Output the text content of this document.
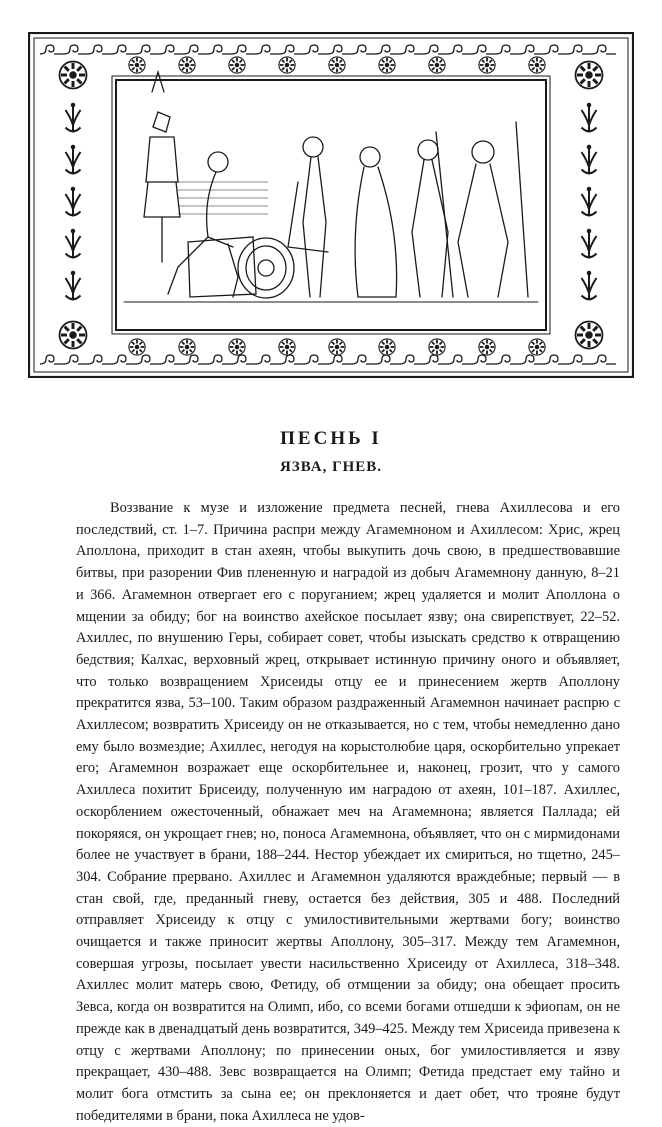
ПЕСНЬ I
ЯЗВА, ГНЕВ.

Воззвание к музе и изложение предмета песней, гнева Ахиллесова и его последствий, ст. 1–7. Причина распри между Агамемноном и Ахиллесом: Хрис, жрец Аполлона, приходит в стан ахеян, чтобы выкупить дочь свою, в предшествовавшие битвы, при разорении Фив плененную и наградой из добыч Агамемнону данную, 8–21 и 366. Агамемнон отвергает его с поруганием; жрец удаляется и молит Аполлона о мщении за обиду; бог на воинство ахейское посылает язву; она свирепствует, 22–52. Ахиллес, по внушению Геры, собирает совет, чтобы изыскать средство к отвращению бедствия; Калхас, верховный жрец, открывает истинную причину оного и объявляет, что только возвращением Хрисеиды отцу ее и принесением жертв Аполлону прекратится язва, 53–100. Таким образом раздраженный Агамемнон начинает распрю с Ахиллесом; возвратить Хрисеиду он не отказывается, но с тем, чтобы немедленно дано ему было возмездие; Ахиллес, негодуя на корыстолюбие царя, оскорбительно упрекает его; Агамемнон возражает еще оскорбительнее и, наконец, грозит, что у самого Ахиллеса похитит Брисеиду, полученную им наградою от ахеян, 101–187. Ахиллес, оскорблением ожесточенный, обнажает меч на Агамемнона; является Паллада; ей покоряяся, он укрощает гнев; но, поноса Агамемнона, объявляет, что он с мирмидонами более не участвует в брани, 188–244. Нестор убеждает их смириться, но тщетно, 245–304. Собрание прервано. Ахиллес и Агамемнон удаляются враждебные; первый — в стан свой, где, преданный гневу, остается без действия, 305 и 488. Последний отправляет Хрисеиду к отцу с умилостивительными жертвами богу; воинство очищается и также приносит жертвы Аполлону, 305–317. Между тем Агамемнон, совершая угрозы, посылает увести насильственно Хрисеиду от Ахиллеса, 318–348. Ахиллес молит матерь свою, Фетиду, об отмщении за обиду; она обещает просить Зевса, когда он возвратится на Олимп, ибо, со всеми богами отшедши к эфиопам, он не прежде как в двенадцатый день возвратится, 349–425. Между тем Хрисеида привезена к отцу с жертвами Аполлону; по принесении оных, бог умилостивляется и язву прекращает, 430–488. Зевс возвращается на Олимп; Фетида предстает ему тайно и молит бога отмстить за сына ее; он преклоняется и дает обет, что трояне будут победителями в брани, пока Ахиллеса не удов-
